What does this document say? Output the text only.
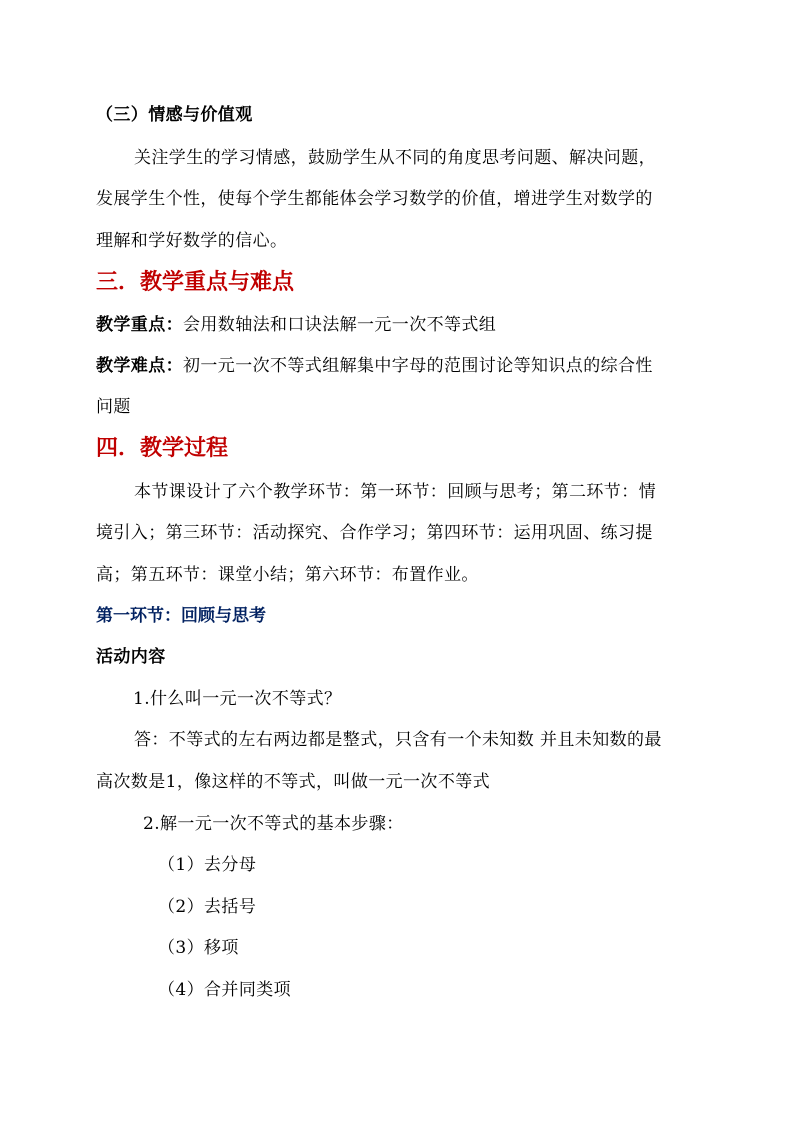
（三）情感与价值观
关注学生的学习情感，鼓励学生从不同的角度思考问题、解决问题，
发展学生个性，使每个学生都能体会学习数学的价值，增进学生对数学的
理解和学好数学的信心。
三．教学重点与难点
教学重点：会用数轴法和口诀法解一元一次不等式组
教学难点：初一元一次不等式组解集中字母的范围讨论等知识点的综合性
问题
四．教学过程
本节课设计了六个教学环节：第一环节：回顾与思考；第二环节：情
境引入；第三环节：活动探究、合作学习；第四环节：运用巩固、练习提
高；第五环节：课堂小结；第六环节：布置作业。
第一环节：回顾与思考
活动内容
1.什么叫一元一次不等式？
答：不等式的左右两边都是整式，只含有一个未知数 并且未知数的最
高次数是1，像这样的不等式，叫做一元一次不等式
2.解一元一次不等式的基本步骤：
（1）去分母
（2）去括号
（3）移项
（4）合并同类项
